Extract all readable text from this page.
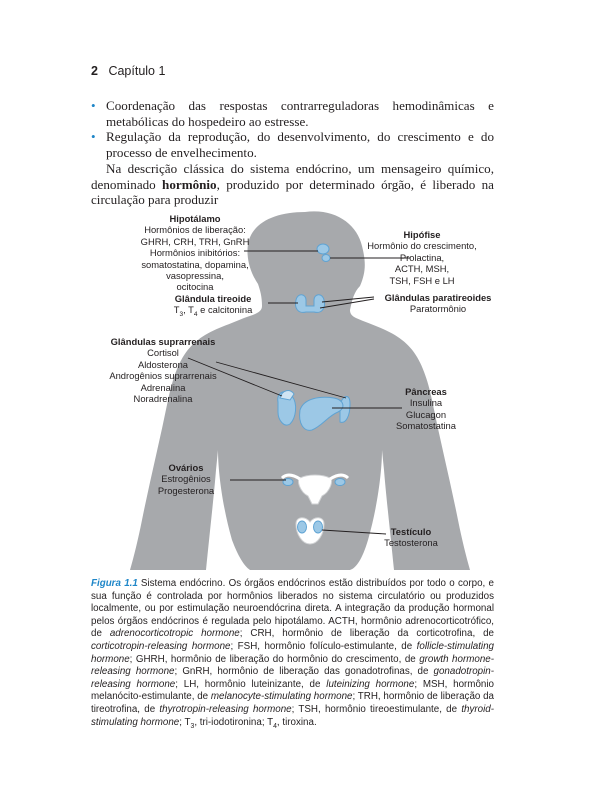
2 Capítulo 1
• Coordenação das respostas contrarreguladoras hemodinâmicas e metabólicas do hospedeiro ao estresse.
• Regulação da reprodução, do desenvolvimento, do crescimento e do processo de envelhecimento.

Na descrição clássica do sistema endócrino, um mensageiro químico, denominado hormônio, produzido por determinado órgão, é liberado na circulação para produzir

Hipotálamo
Hormônios de liberação:
GHRH, CRH, TRH, GnRH
Hormônios inibitórios:
somatostatina, dopamina,
vasopressina,
ocitocina
Hipófise
Hormônio do crescimento,
Prolactina,
ACTH, MSH,
TSH, FSH e LH
Glândula tireoide
$T_3$, $T_4$ e calcitonina
Glândulas paratireoides
Paratormônio
Glândulas suprarrenais
Cortisol
Aldosterona
Androgênios suprarrenais
Adrenalina
Noradrenalina
Pâncreas
Insulina
Glucagon
Somatostatina
Ovários
Estrogênios
Progesterona
Testículo
Testosterona

Figura 1.1 Sistema endócrino. Os órgãos endócrinos estão distribuídos por todo o corpo, e sua função é controlada por hormônios liberados no sistema circulatório ou produzidos localmente, ou por estimulação neuroendócrina direta. A integração da produção hormonal pelos órgãos endócrinos é regulada pelo hipotálamo. ACTH, hormônio adrenocorticotrófico, de adrenocorticotropic hormone; CRH, hormônio de liberação da corticotrofina, de corticotropin-releasing hormone; FSH, hormônio folículo-estimulante, de follicle-stimulating hormone; GHRH, hormônio de liberação do hormônio do crescimento, de growth hormone-releasing hormone; GnRH, hormônio de liberação das gonadotrofinas, de gonadotropin-releasing hormone; LH, hormônio luteinizante, de luteinizing hormone; MSH, hormônio melanócito-estimulante, de melanocyte-stimulating hormone; TRH, hormônio de liberação da tireotrofina, de thyrotropin-releasing hormone; TSH, hormônio tireoestimulante, de thyroid-stimulating hormone; $T_3$, tri-iodotironina; $T_4$, tiroxina.
